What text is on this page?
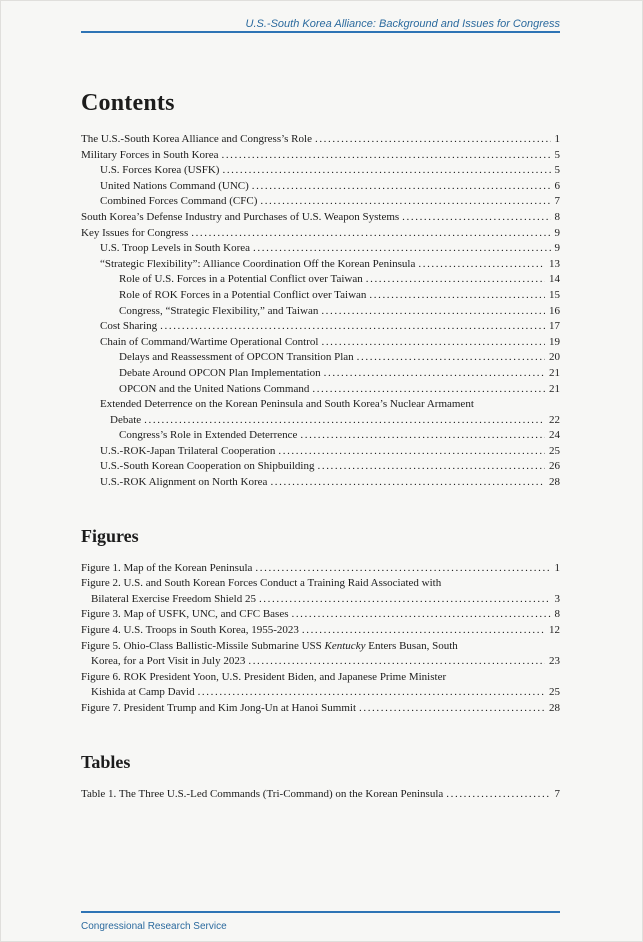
U.S.-South Korea Alliance: Background and Issues for Congress
Contents
The U.S.-South Korea Alliance and Congress’s Role .....	1
Military Forces in South Korea .....	5
U.S. Forces Korea (USFK) .....	5
United Nations Command (UNC) .....	6
Combined Forces Command (CFC) .....	7
South Korea’s Defense Industry and Purchases of U.S. Weapon Systems .....	8
Key Issues for Congress .....	9
U.S. Troop Levels in South Korea .....	9
“Strategic Flexibility”: Alliance Coordination Off the Korean Peninsula .....	13
Role of U.S. Forces in a Potential Conflict over Taiwan .....	14
Role of ROK Forces in a Potential Conflict over Taiwan .....	15
Congress, “Strategic Flexibility,” and Taiwan .....	16
Cost Sharing .....	17
Chain of Command/Wartime Operational Control .....	19
Delays and Reassessment of OPCON Transition Plan .....	20
Debate Around OPCON Plan Implementation .....	21
OPCON and the United Nations Command .....	21
Extended Deterrence on the Korean Peninsula and South Korea’s Nuclear Armament
Debate .....	22
Congress’s Role in Extended Deterrence .....	24
U.S.-ROK-Japan Trilateral Cooperation .....	25
U.S.-South Korean Cooperation on Shipbuilding .....	26
U.S.-ROK Alignment on North Korea .....	28
Figures
Figure 1. Map of the Korean Peninsula .....	1
Figure 2. U.S. and South Korean Forces Conduct a Training Raid Associated with
Bilateral Exercise Freedom Shield 25 .....	3
Figure 3. Map of USFK, UNC, and CFC Bases .....	8
Figure 4. U.S. Troops in South Korea, 1955-2023 .....	12
Figure 5. Ohio-Class Ballistic-Missile Submarine USS Kentucky Enters Busan, South
Korea, for a Port Visit in July 2023 .....	23
Figure 6. ROK President Yoon, U.S. President Biden, and Japanese Prime Minister
Kishida at Camp David .....	25
Figure 7. President Trump and Kim Jong-Un at Hanoi Summit .....	28
Tables
Table 1. The Three U.S.-Led Commands (Tri-Command) on the Korean Peninsula .....	7
Congressional Research Service
